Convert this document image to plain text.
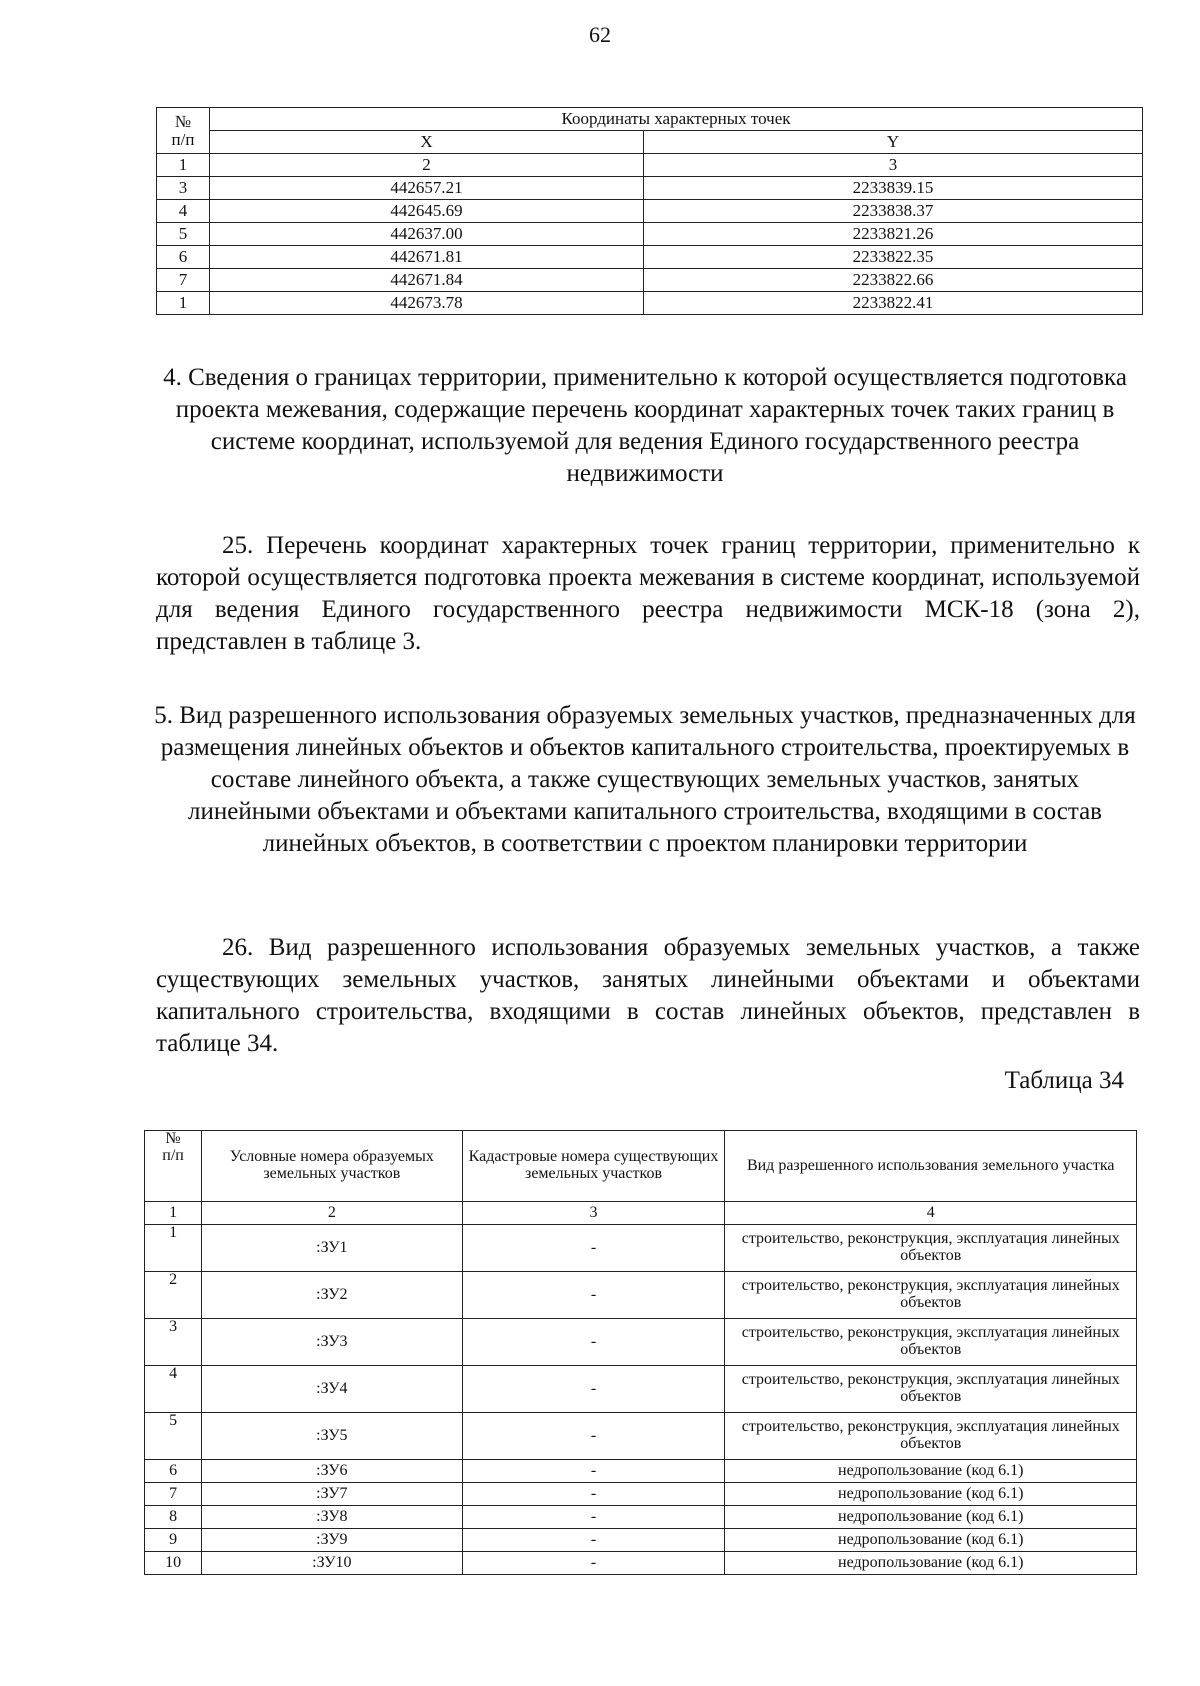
62
№
п/п	Координаты характерных точек	
	X	Y
1	2	3
3	442657.21	2233839.15
4	442645.69	2233838.37
5	442637.00	2233821.26
6	442671.81	2233822.35
7	442671.84	2233822.66
1	442673.78	2233822.41
4. Сведения о границах территории, применительно к которой осуществляется подготовка проекта межевания, содержащие перечень координат характерных точек таких границ в системе координат, используемой для ведения Единого государственного реестра недвижимости
25. Перечень координат характерных точек границ территории, применительно к которой осуществляется подготовка проекта межевания в системе координат, используемой для ведения Единого государственного реестра недвижимости МСК-18 (зона 2), представлен в таблице 3.
5. Вид разрешенного использования образуемых земельных участков, предназначенных для размещения линейных объектов и объектов капитального строительства, проектируемых в составе линейного объекта, а также существующих земельных участков, занятых линейными объектами и объектами капитального строительства, входящими в состав линейных объектов, в соответствии с проектом планировки территории
26. Вид разрешенного использования образуемых земельных участков, а также существующих земельных участков, занятых линейными объектами и объектами капитального строительства, входящими в состав линейных объектов, представлен в таблице 34.
Таблица 34
№
п/п	Условные номера образуемых земельных участков	Кадастровые номера существующих земельных участков	Вид разрешенного использования земельного участка
1	2	3	4
1	:ЗУ1	-	строительство, реконструкция, эксплуатация линейных объектов
2	:ЗУ2	-	строительство, реконструкция, эксплуатация линейных объектов
3	:ЗУ3	-	строительство, реконструкция, эксплуатация линейных объектов
4	:ЗУ4	-	строительство, реконструкция, эксплуатация линейных объектов
5	:ЗУ5	-	строительство, реконструкция, эксплуатация линейных объектов
6	:ЗУ6	-	недропользование (код 6.1)
7	:ЗУ7	-	недропользование (код 6.1)
8	:ЗУ8	-	недропользование (код 6.1)
9	:ЗУ9	-	недропользование (код 6.1)
10	:ЗУ10	-	недропользование (код 6.1)
